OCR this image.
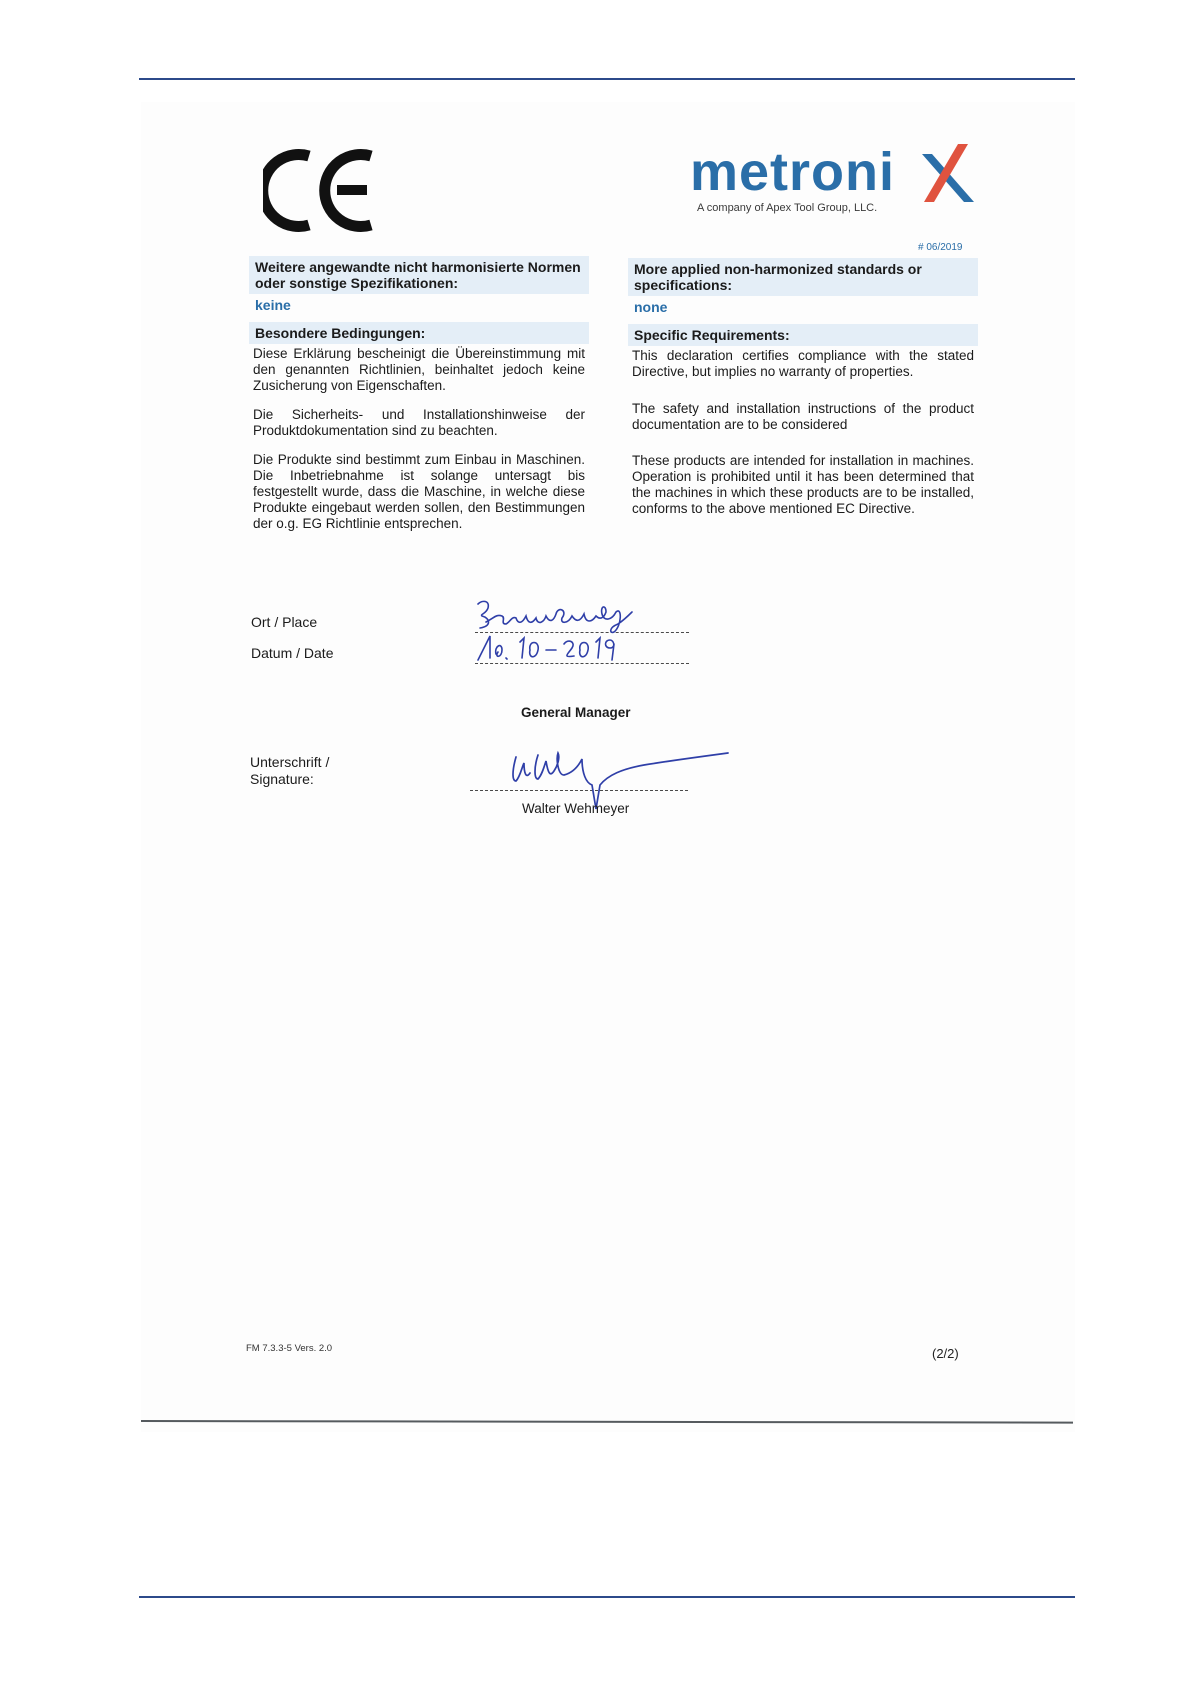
metroni
A company of Apex Tool Group, LLC.
# 06/2019
Weitere angewandte nicht harmonisierte Normen oder sonstige Spezifikationen:
keine
Besondere Bedingungen:
Diese Erklärung bescheinigt die Übereinstimmung mit den genannten Richtlinien, beinhaltet jedoch keine Zusicherung von Eigenschaften.
Die Sicherheits- und Installationshinweise der Produktdokumentation sind zu beachten.
Die Produkte sind bestimmt zum Einbau in Maschinen. Die Inbetriebnahme ist solange untersagt bis festgestellt wurde, dass die Maschine, in welche diese Produkte eingebaut werden sollen, den Bestimmungen der o.g. EG Richtlinie entsprechen.
More applied non-harmonized standards or specifications:
none
Specific Requirements:
This declaration certifies compliance with the stated Directive, but implies no warranty of properties.
The safety and installation instructions of the product documentation are to be considered
These products are intended for installation in machines. Operation is prohibited until it has been determined that the machines in which these products are to be installed, conforms to the above mentioned EC Directive.
Ort / Place
Datum / Date
General Manager
Unterschrift /
Signature:
Walter Wehmeyer
FM 7.3.3-5 Vers. 2.0	(2/2)
